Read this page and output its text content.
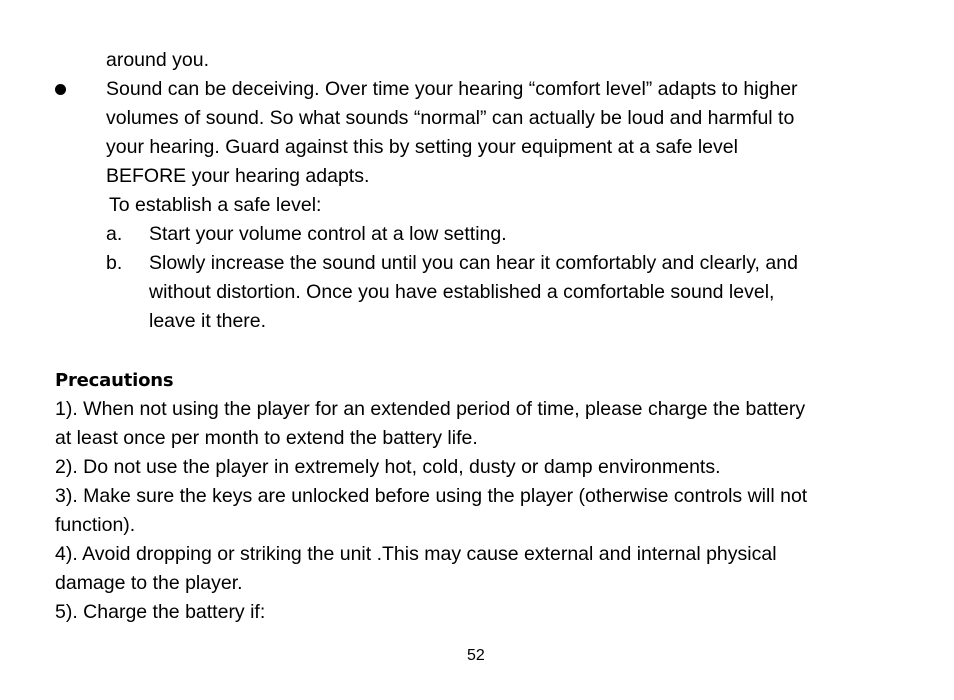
around you.
Sound can be deceiving. Over time your hearing “comfort level” adapts to higher
volumes of sound. So what sounds “normal” can actually be loud and harmful to
your hearing. Guard against this by setting your equipment at a safe level
BEFORE your hearing adapts.
To establish a safe level:
a. Start your volume control at a low setting.
b. Slowly increase the sound until you can hear it comfortably and clearly, and
without distortion. Once you have established a comfortable sound level,
leave it there.
Precautions
1). When not using the player for an extended period of time, please charge the battery
at least once per month to extend the battery life.
2). Do not use the player in extremely hot, cold, dusty or damp environments.
3). Make sure the keys are unlocked before using the player (otherwise controls will not
function).
4). Avoid dropping or striking the unit .This may cause external and internal physical
damage to the player.
5). Charge the battery if:
52
